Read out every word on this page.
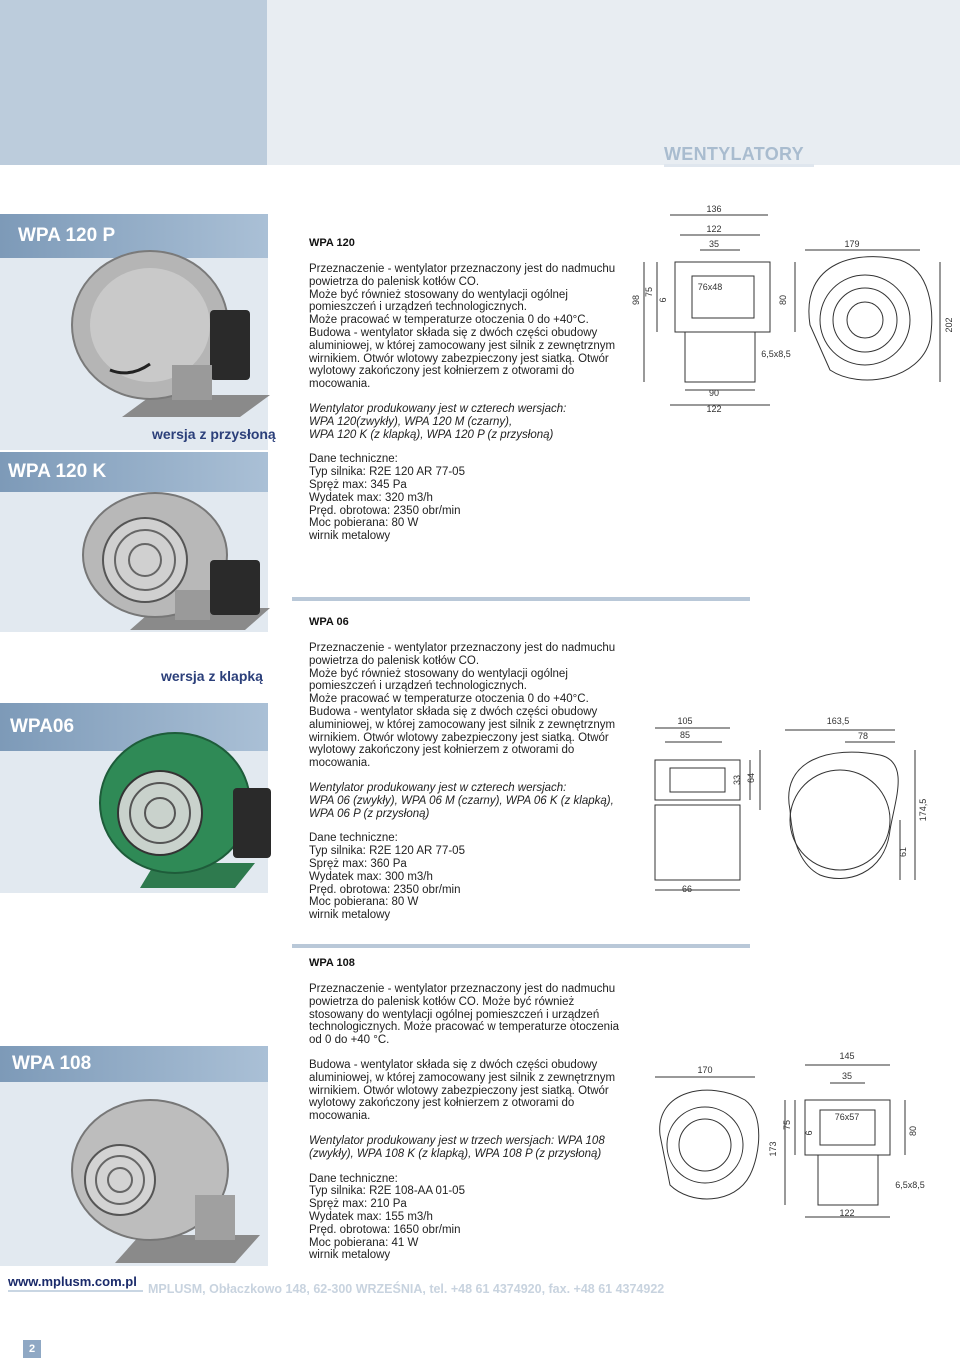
WENTYLATORY
WPA 120 P
wersja z przysłoną
WPA 120 K
WPA 120

Przeznaczenie - wentylator przeznaczony jest do nadmuchu

powietrza do palenisk kotłów CO.

Może być również stosowany do wentylacji ogólnej

pomieszczeń i urządzeń technologicznych.

Może pracować w temperaturze otoczenia 0 do +40°C.

Budowa - wentylator składa się z dwóch części obudowy

aluminiowej, w której zamocowany jest silnik z zewnętrznym

wirnikiem. Otwór wlotowy zabezpieczony jest siatką. Otwór

wylotowy zakończony jest kołnierzem z otworami do

mocowania.

Wentylator produkowany jest w czterech wersjach:

WPA 120(zwykły), WPA 120 M (czarny),

WPA 120 K (z klapką), WPA 120 P (z przysłoną)

Dane techniczne:

Typ silnika: R2E 120 AR 77-05

Spręż max: 345 Pa

Wydatek max: 320 m3/h

Pręd. obrotowa: 2350 obr/min

Moc pobierana: 80 W

wirnik metalowy

136
122
35	179
98
75
6
76x48
80
202
6,5x8,5
90
122
WPA06
wersja z klapką
WPA 06

Przeznaczenie - wentylator przeznaczony jest do nadmuchu

powietrza do palenisk kotłów CO.

Może być również stosowany do wentylacji ogólnej

pomieszczeń i urządzeń technologicznych.

Może pracować w temperaturze otoczenia 0 do +40°C.

Budowa - wentylator składa się z dwóch części obudowy

aluminiowej, w której zamocowany jest silnik z zewnętrznym

wirnikiem. Otwór wlotowy zabezpieczony jest siatką. Otwór

wylotowy zakończony jest kołnierzem z otworami do

mocowania.

Wentylator produkowany jest w czterech wersjach:

WPA 06 (zwykły), WPA 06 M (czarny), WPA 06 K (z klapką),

WPA 06 P (z przysłoną)

Dane techniczne:

Typ silnika: R2E 120 AR 77-05

Spręż max: 360 Pa

Wydatek max: 300 m3/h

Pręd. obrotowa: 2350 obr/min

Moc pobierana: 80 W

wirnik metalowy

105
85
163,5
78
33 64
174,5
61
66
WPA 108
WPA 108

Przeznaczenie - wentylator przeznaczony jest do nadmuchu

powietrza do palenisk kotłów CO. Może być również

stosowany do wentylacji ogólnej pomieszczeń i urządzeń

technologicznych. Może pracować w temperaturze otoczenia

od 0 do +40 °C.

Budowa - wentylator składa się z dwóch części obudowy

aluminiowej, w której zamocowany jest silnik z zewnętrznym

wirnikiem. Otwór wlotowy zabezpieczony jest siatką. Otwór

wylotowy zakończony jest kołnierzem z otworami do

mocowania.

Wentylator produkowany jest w trzech wersjach: WPA 108

(zwykły), WPA 108 K (z klapką), WPA 108 P (z przysłoną)

Dane techniczne:

Typ silnika: R2E 108-AA 01-05

Spręż max: 210 Pa

Wydatek max: 155 m3/h

Pręd. obrotowa: 1650 obr/min

Moc pobierana: 41 W

wirnik metalowy

170
145
35
76x57
6	80
75
173
6,5x8,5
122
www.mplusm.com.pl MPLUSM, Obłaczkowo 148, 62-300 WRZEŚNIA, tel. +48 61 4374920, fax. +48 61 4374922
2
